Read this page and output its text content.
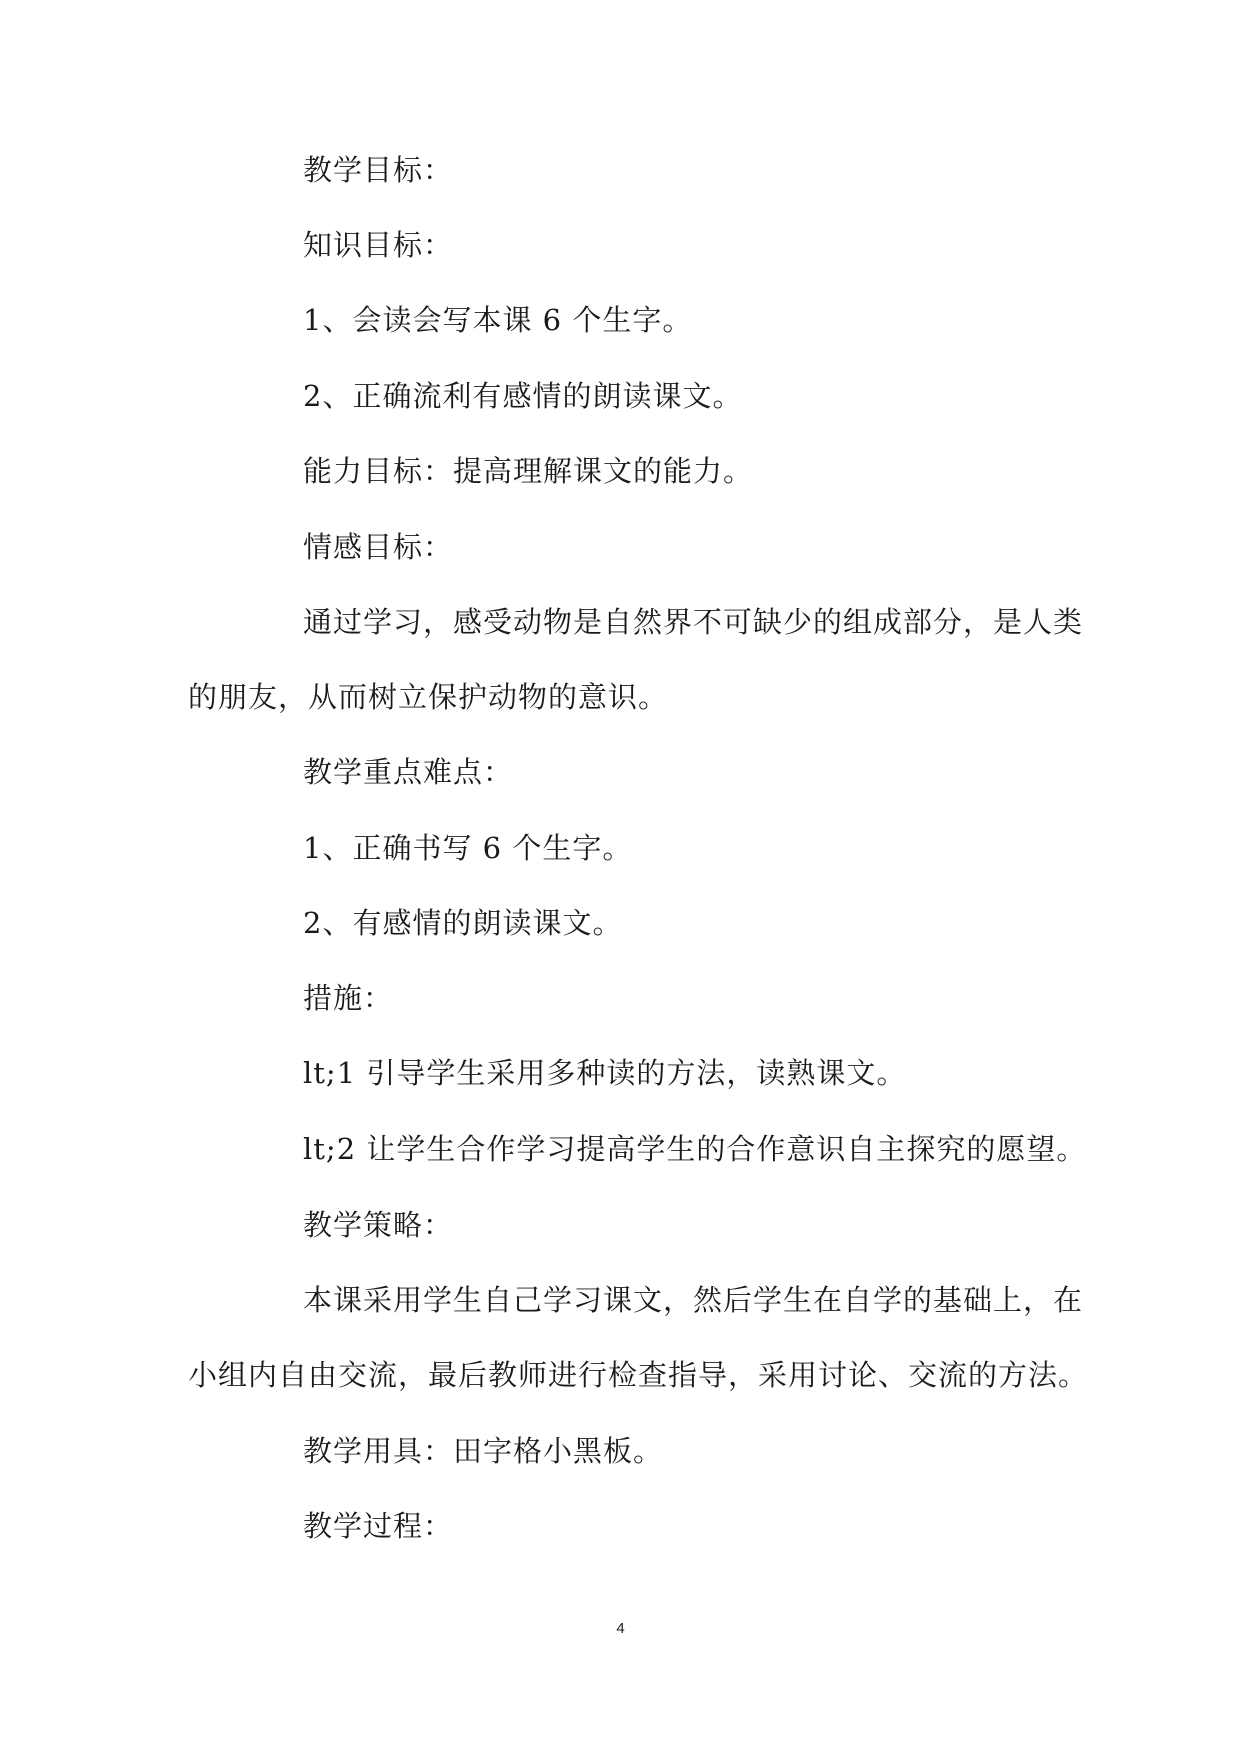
教学目标：
知识目标：
1、会读会写本课 6 个生字。
2、正确流利有感情的朗读课文。
能力目标：提高理解课文的能力。
情感目标：
通过学习，感受动物是自然界不可缺少的组成部分，是人类
的朋友，从而树立保护动物的意识。
教学重点难点：
1、正确书写 6 个生字。
2、有感情的朗读课文。
措施：
lt;1 引导学生采用多种读的方法，读熟课文。
lt;2 让学生合作学习提高学生的合作意识自主探究的愿望。
教学策略：
本课采用学生自己学习课文，然后学生在自学的基础上，在
小组内自由交流，最后教师进行检查指导，采用讨论、交流的方法。
教学用具：田字格小黑板。
教学过程：
4
